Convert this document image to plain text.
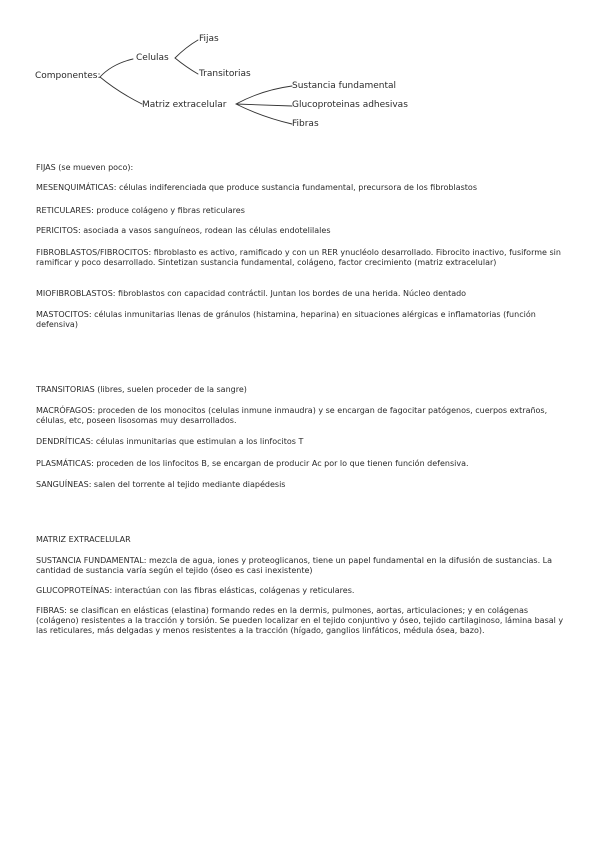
Componentes:
Celulas
Fijas
Transitorias
Matriz extracelular
Sustancia fundamental
Glucoproteinas adhesivas
Fibras
FIJAS (se mueven poco):
MESENQUIMÁTICAS: células indiferenciada que produce sustancia fundamental, precursora de los fibroblastos
RETICULARES: produce colágeno y fibras reticulares
PERICITOS: asociada a vasos sanguíneos, rodean las células endotelilales
FIBROBLASTOS/FIBROCITOS: fibroblasto es activo, ramificado y con un RER ynucléolo desarrollado. Fibrocito inactivo, fusiforme sin ramificar y poco desarrollado. Sintetizan sustancia fundamental, colágeno, factor crecimiento (matriz extracelular)
MIOFIBROBLASTOS: fibroblastos con capacidad contráctil. Juntan los bordes de una herida. Núcleo dentado
MASTOCITOS: células inmunitarias llenas de gránulos (histamina, heparina) en situaciones alérgicas e inflamatorias (función defensiva)
TRANSITORIAS (libres, suelen proceder de la sangre)
MACRÓFAGOS: proceden de los monocitos (celulas inmune inmaudra) y se encargan de fagocitar patógenos, cuerpos extraños, células, etc, poseen lisosomas muy desarrollados.
DENDRÍTICAS: células inmunitarias que estimulan a los linfocitos T
PLASMÁTICAS: proceden de los linfocitos B, se encargan de producir Ac por lo que tienen función defensiva.
SANGUÍNEAS: salen del torrente al tejido mediante diapédesis
MATRIZ EXTRACELULAR
SUSTANCIA FUNDAMENTAL: mezcla de agua, iones y proteoglicanos, tiene un papel fundamental en la difusión de sustancias. La cantidad de sustancia varía según el tejido (óseo es casi inexistente)
GLUCOPROTEÍNAS: interactúan con las fibras elásticas, colágenas y reticulares.
FIBRAS: se clasifican en elásticas (elastina) formando redes en la dermis, pulmones, aortas, articulaciones; y en colágenas (colágeno) resistentes a la tracción y torsión. Se pueden localizar en el tejido conjuntivo y óseo, tejido cartilaginoso, lámina basal y las reticulares, más delgadas y menos resistentes a la tracción (hígado, ganglios linfáticos, médula ósea, bazo).
